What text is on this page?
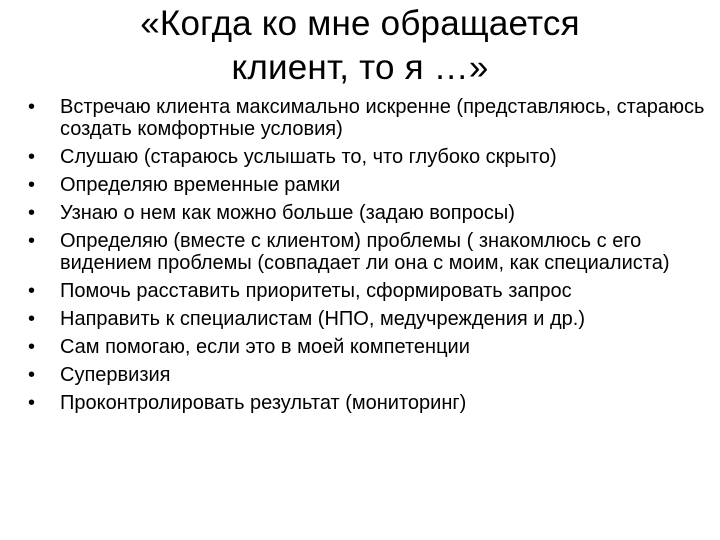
«Когда ко мне обращается
клиент, то я …»
• Встречаю клиента максимально искренне (представляюсь, стараюсь создать комфортные условия)
• Слушаю (стараюсь услышать то, что глубоко скрыто)
• Определяю временные рамки
• Узнаю о нем как можно больше (задаю вопросы)
• Определяю (вместе с клиентом) проблемы ( знакомлюсь с его видением проблемы (совпадает ли она с моим, как специалиста)
• Помочь расставить приоритеты, сформировать запрос
• Направить к специалистам (НПО, медучреждения и др.)
• Сам помогаю, если это в моей компетенции
• Супервизия
• Проконтролировать результат (мониторинг)
